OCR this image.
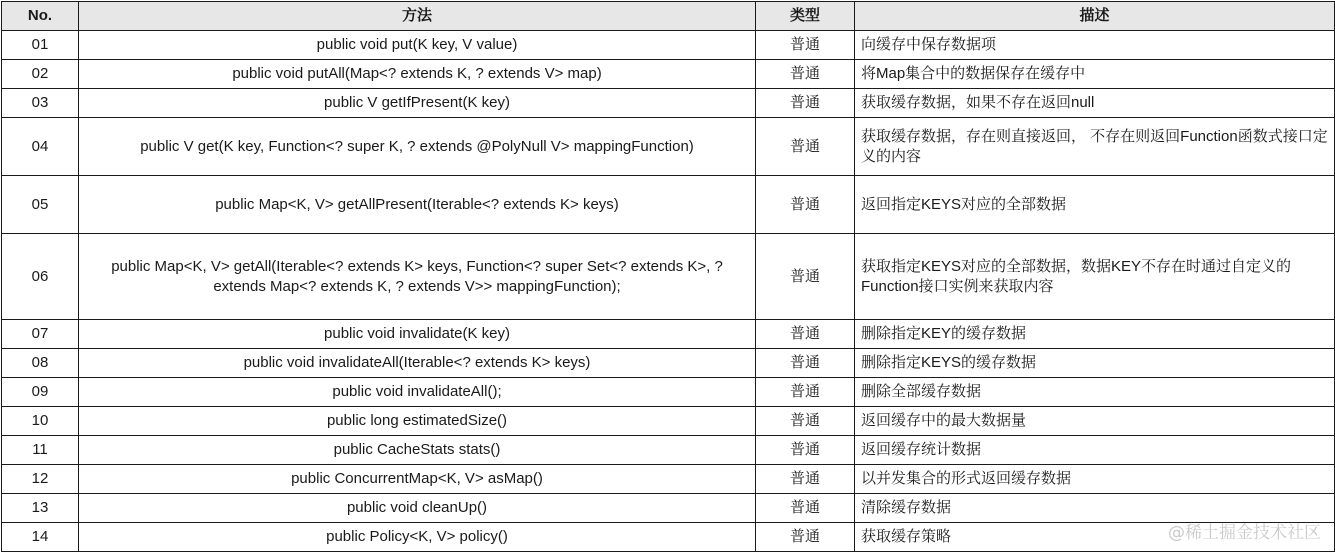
No.	方法	类型	描述
01	public void put(K key, V value)	普通	向缓存中保存数据项
02	public void putAll(Map<? extends K, ? extends V> map)	普通	将Map集合中的数据保存在缓存中
03	public V getIfPresent(K key)	普通	获取缓存数据，如果不存在返回null
04	public V get(K key, Function<? super K, ? extends @PolyNull V> mappingFunction)	普通	获取缓存数据，存在则直接返回， 不存在则返回Function函数式接口定义的内容
05	public Map<K, V> getAllPresent(Iterable<? extends K> keys)	普通	返回指定KEYS对应的全部数据
06	public Map<K, V> getAll(Iterable<? extends K> keys, Function<? super Set<? extends K>, ? extends Map<? extends K, ? extends V>> mappingFunction);	普通	获取指定KEYS对应的全部数据，数据KEY不存在时通过自定义的Function接口实例来获取内容
07	public void invalidate(K key)	普通	删除指定KEY的缓存数据
08	public void invalidateAll(Iterable<? extends K> keys)	普通	删除指定KEYS的缓存数据
09	public void invalidateAll();	普通	删除全部缓存数据
10	public long estimatedSize()	普通	返回缓存中的最大数据量
11	public CacheStats stats()	普通	返回缓存统计数据
12	public ConcurrentMap<K, V> asMap()	普通	以并发集合的形式返回缓存数据
13	public void cleanUp()	普通	清除缓存数据
14	public Policy<K, V> policy()	普通	获取缓存策略	@稀土掘金技术社区
